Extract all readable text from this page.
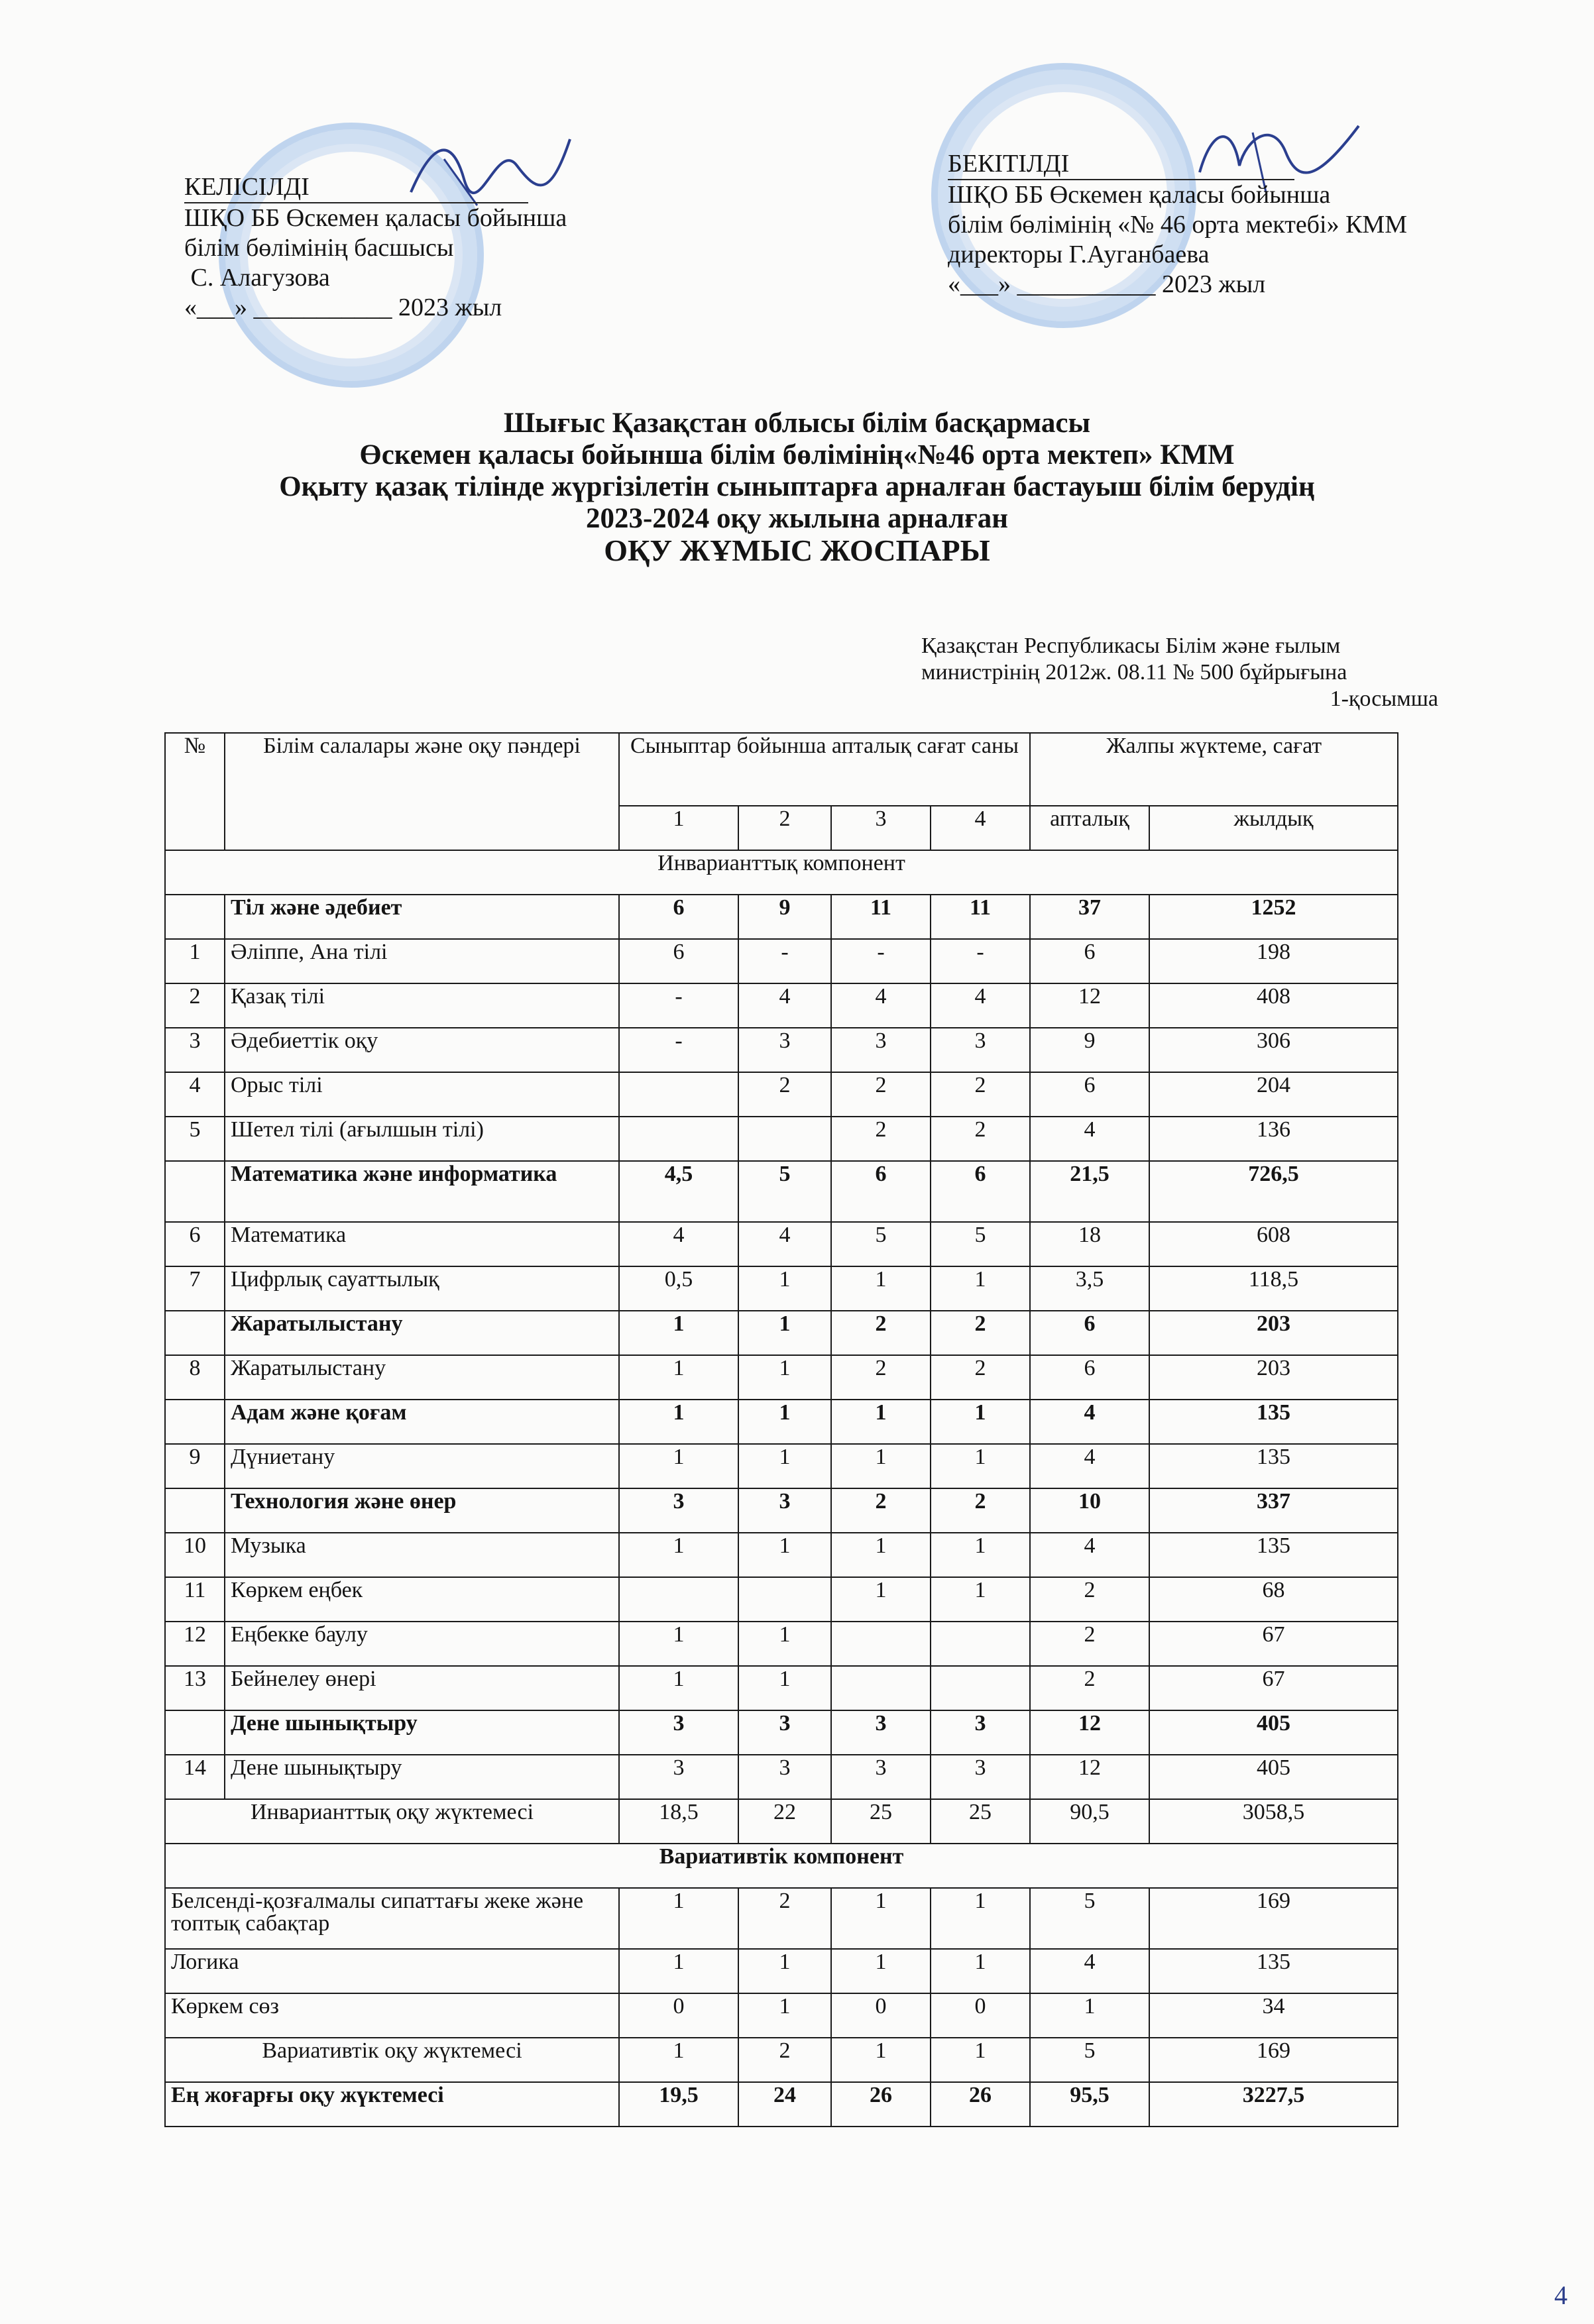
КЕЛІСІЛДІ
ШҚО ББ Өскемен қаласы бойынша
білім бөлімінің басшысы
С. Алагузова
«___» ___________ 2023 жыл
БЕКІТІЛДІ
ШҚО ББ Өскемен қаласы бойынша
білім бөлімінің «№ 46 орта мектебі» КММ
директоры Г.Ауганбаева
«___» ___________ 2023 жыл
Шығыс Қазақстан облысы білім басқармасы
Өскемен қаласы бойынша білім бөлімінің«№46 орта мектеп» КММ
Оқыту қазақ тілінде жүргізілетін сыныптарға арналған бастауыш білім берудің
2023-2024 оқу жылына арналған
ОҚУ ЖҰМЫС ЖОСПАРЫ
Қазақстан Республикасы Білім және ғылым
министрінің 2012ж. 08.11 № 500 бұйрығына
1-қосымша
№	Білім салалары және оқу пәндері	Сыныптар бойынша апталық сағат саны				Жалпы жүктеме, сағат	
		1	2	3	4	апталық	жылдық
Инварианттық компонент							
	Тіл және әдебиет	6	9	11	11	37	1252
1	Әліппе, Ана тілі	6	-	-	-	6	198
2	Қазақ тілі	-	4	4	4	12	408
3	Әдебиеттік оқу	-	3	3	3	9	306
4	Орыс тілі		2	2	2	6	204
5	Шетел тілі (ағылшын тілі)			2	2	4	136
	Математика және информатика	4,5	5	6	6	21,5	726,5
6	Математика	4	4	5	5	18	608
7	Цифрлық сауаттылық	0,5	1	1	1	3,5	118,5
	Жаратылыстану	1	1	2	2	6	203
8	Жаратылыстану	1	1	2	2	6	203
	Адам және қоғам	1	1	1	1	4	135
9	Дүниетану	1	1	1	1	4	135
	Технология және өнер	3	3	2	2	10	337
10	Музыка	1	1	1	1	4	135
11	Көркем еңбек			1	1	2	68
12	Еңбекке баулу	1	1			2	67
13	Бейнелеу өнері	1	1			2	67
	Дене шынықтыру	3	3	3	3	12	405
14	Дене шынықтыру	3	3	3	3	12	405
Инварианттық оқу жүктемесі		18,5	22	25	25	90,5	3058,5
Вариативтік компонент							
Белсенді-қозғалмалы сипаттағы жеке және топтық сабақтар		1	2	1	1	5	169
Логика		1	1	1	1	4	135
Көркем сөз		0	1	0	0	1	34
Вариативтік оқу жүктемесі		1	2	1	1	5	169
Ең жоғарғы оқу жүктемесі		19,5	24	26	26	95,5	3227,5
4
